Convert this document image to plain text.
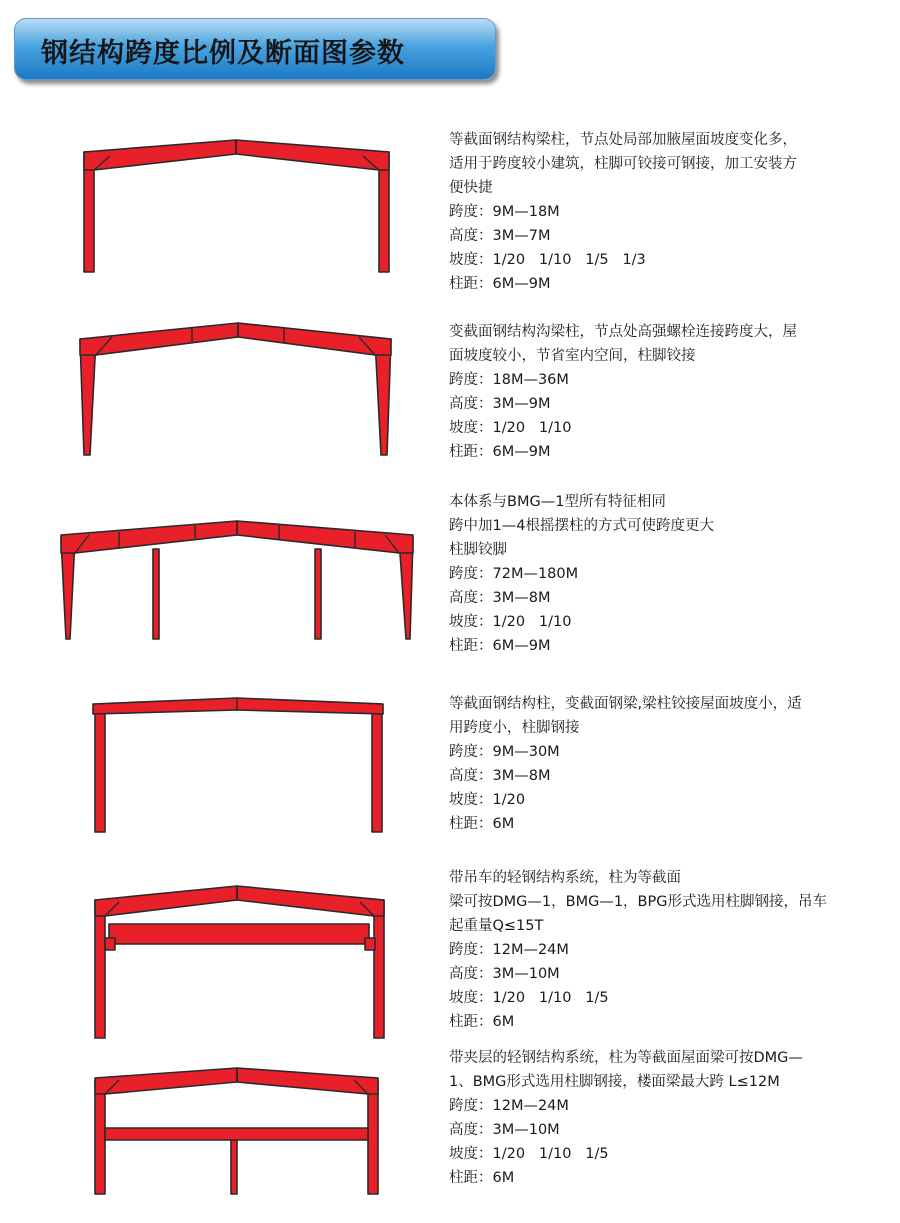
钢结构跨度比例及断面图参数
等截面钢结构梁柱，节点处局部加腋屋面坡度变化多，
适用于跨度较小建筑，柱脚可铰接可钢接，加工安装方
便快捷
跨度：9M—18M
高度：3M—7M
坡度：1/20   1/10   1/5   1/3
柱距：6M—9M
变截面钢结构沟梁柱，节点处高强螺栓连接跨度大，屋
面坡度较小，节省室内空间，柱脚铰接
跨度：18M—36M
高度：3M—9M
坡度：1/20   1/10
柱距：6M—9M
本体系与BMG—1型所有特征相同
跨中加1—4根摇摆柱的方式可使跨度更大
柱脚铰脚
跨度：72M—180M
高度：3M—8M
坡度：1/20   1/10
柱距：6M—9M
等截面钢结构柱，变截面钢梁,梁柱铰接屋面坡度小，适
用跨度小，柱脚钢接
跨度：9M—30M
高度：3M—8M
坡度：1/20
柱距：6M
带吊车的轻钢结构系统，柱为等截面
梁可按DMG—1，BMG—1，BPG形式选用柱脚钢接，吊车
起重量Q≤15T
跨度：12M—24M
高度：3M—10M
坡度：1/20   1/10   1/5
柱距：6M
带夹层的轻钢结构系统，柱为等截面屋面梁可按DMG—
1、BMG形式选用柱脚钢接，楼面梁最大跨 L≤12M
跨度：12M—24M
高度：3M—10M
坡度：1/20   1/10   1/5
柱距：6M
